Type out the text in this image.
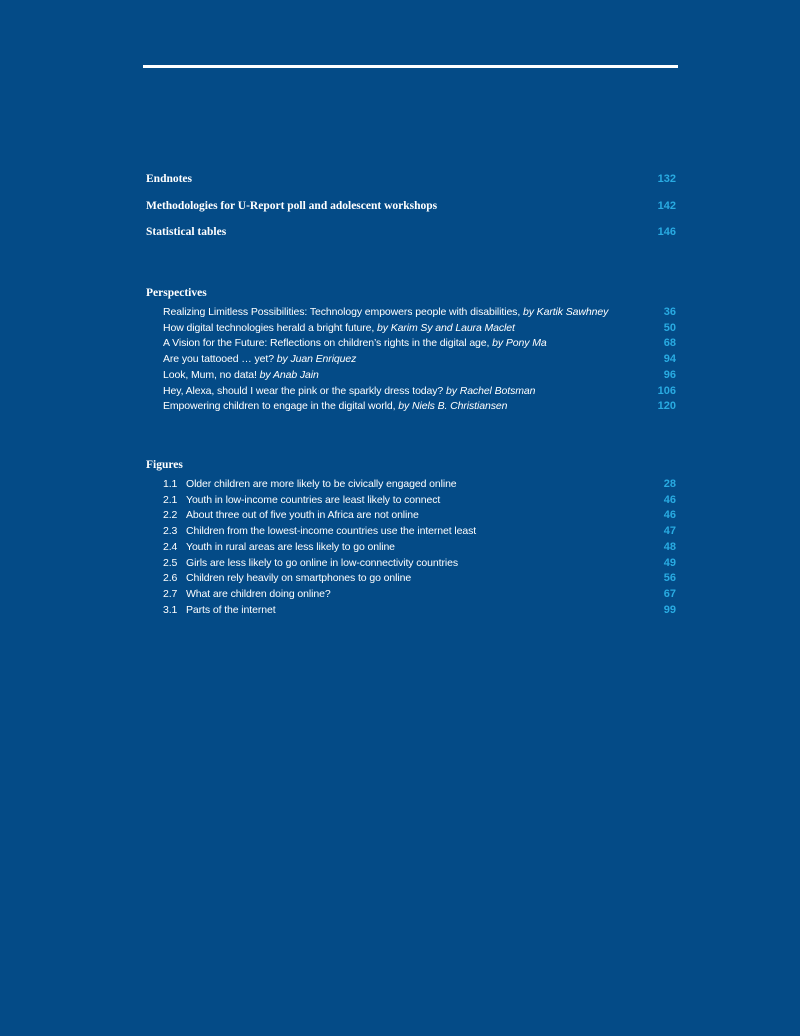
Endnotes	132
Methodologies for U-Report poll and adolescent workshops	142
Statistical tables	146
Perspectives
Realizing Limitless Possibilities: Technology empowers people with disabilities, by Kartik Sawhney	36
How digital technologies herald a bright future, by Karim Sy and Laura Maclet	50
A Vision for the Future: Reflections on children’s rights in the digital age, by Pony Ma	68
Are you tattooed … yet? by Juan Enriquez	94
Look, Mum, no data! by Anab Jain	96
Hey, Alexa, should I wear the pink or the sparkly dress today? by Rachel Botsman	106
Empowering children to engage in the digital world, by Niels B. Christiansen	120
Figures
1.1 Older children are more likely to be civically engaged online	28
2.1 Youth in low-income countries are least likely to connect	46
2.2 About three out of five youth in Africa are not online	46
2.3 Children from the lowest-income countries use the internet least	47
2.4 Youth in rural areas are less likely to go online	48
2.5 Girls are less likely to go online in low-connectivity countries	49
2.6 Children rely heavily on smartphones to go online	56
2.7 What are children doing online?	67
3.1 Parts of the internet	99
